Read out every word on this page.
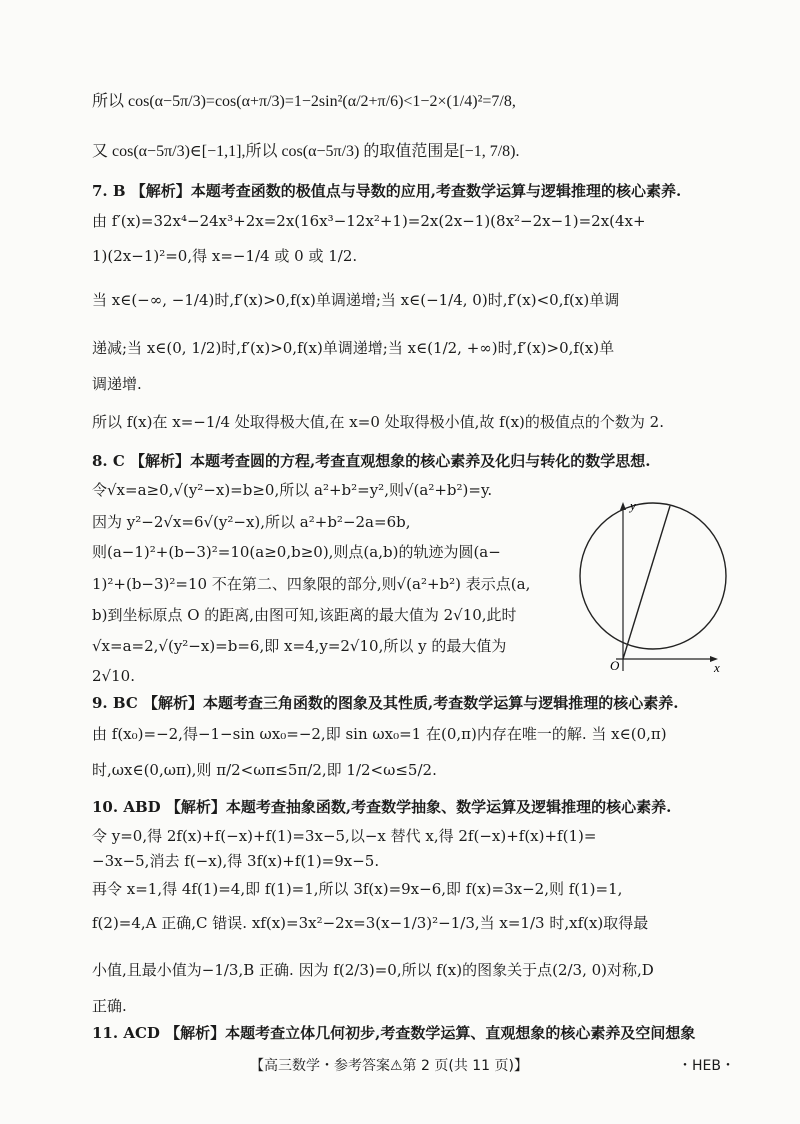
所以 cos(α−5π/3)=cos(α+π/3)=1−2sin²(α/2+π/6)<1−2×(1/4)²=7/8,
又 cos(α−5π/3)∈[−1,1],所以 cos(α−5π/3) 的取值范围是[−1, 7/8).
7. B 【解析】本题考查函数的极值点与导数的应用,考查数学运算与逻辑推理的核心素养.
由 f′(x)=32x⁴−24x³+2x=2x(16x³−12x²+1)=2x(2x−1)(8x²−2x−1)=2x(4x+
1)(2x−1)²=0,得 x=−1/4 或 0 或 1/2.
当 x∈(−∞, −1/4)时,f′(x)>0,f(x)单调递增;当 x∈(−1/4, 0)时,f′(x)<0,f(x)单调
递减;当 x∈(0, 1/2)时,f′(x)>0,f(x)单调递增;当 x∈(1/2, +∞)时,f′(x)>0,f(x)单
调递增.
所以 f(x)在 x=−1/4 处取得极大值,在 x=0 处取得极小值,故 f(x)的极值点的个数为 2.
8. C 【解析】本题考查圆的方程,考查直观想象的核心素养及化归与转化的数学思想.
令√x=a≥0,√(y²−x)=b≥0,所以 a²+b²=y²,则√(a²+b²)=y.
因为 y²−2√x=6√(y²−x),所以 a²+b²−2a=6b,
则(a−1)²+(b−3)²=10(a≥0,b≥0),则点(a,b)的轨迹为圆(a−
1)²+(b−3)²=10 不在第二、四象限的部分,则√(a²+b²) 表示点(a,
b)到坐标原点 O 的距离,由图可知,该距离的最大值为 2√10,此时
√x=a=2,√(y²−x)=b=6,即 x=4,y=2√10,所以 y 的最大值为
2√10.
y
x
O
9. BC 【解析】本题考查三角函数的图象及其性质,考查数学运算与逻辑推理的核心素养.
由 f(x₀)=−2,得−1−sin ωx₀=−2,即 sin ωx₀=1 在(0,π)内存在唯一的解. 当 x∈(0,π)
时,ωx∈(0,ωπ),则 π/2<ωπ≤5π/2,即 1/2<ω≤5/2.
10. ABD 【解析】本题考查抽象函数,考查数学抽象、数学运算及逻辑推理的核心素养.
令 y=0,得 2f(x)+f(−x)+f(1)=3x−5,以−x 替代 x,得 2f(−x)+f(x)+f(1)=
−3x−5,消去 f(−x),得 3f(x)+f(1)=9x−5.
再令 x=1,得 4f(1)=4,即 f(1)=1,所以 3f(x)=9x−6,即 f(x)=3x−2,则 f(1)=1,
f(2)=4,A 正确,C 错误. xf(x)=3x²−2x=3(x−1/3)²−1/3,当 x=1/3 时,xf(x)取得最
小值,且最小值为−1/3,B 正确. 因为 f(2/3)=0,所以 f(x)的图象关于点(2/3, 0)对称,D
正确.
11. ACD 【解析】本题考查立体几何初步,考查数学运算、直观想象的核心素养及空间想象
【高三数学・参考答案⚠第 2 页(共 11 页)】	・HEB・
